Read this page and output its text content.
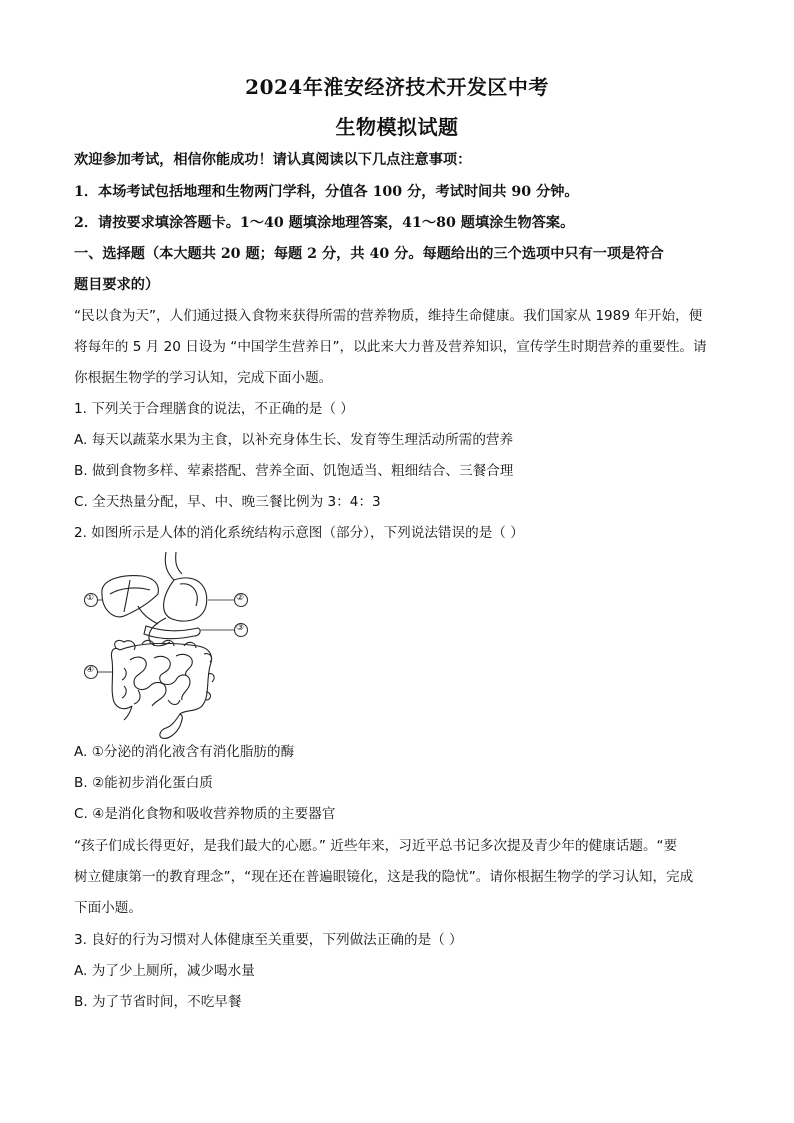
2024年淮安经济技术开发区中考
生物模拟试题
欢迎参加考试，相信你能成功！请认真阅读以下几点注意事项：
1．本场考试包括地理和生物两门学科，分值各 100 分，考试时间共 90 分钟。
2．请按要求填涂答题卡。1～40 题填涂地理答案，41～80 题填涂生物答案。
一、选择题（本大题共 20 题；每题 2 分，共 40 分。每题给出的三个选项中只有一项是符合
题目要求的）
“民以食为天”，人们通过摄入食物来获得所需的营养物质，维持生命健康。我们国家从 1989 年开始，便
将每年的 5 月 20 日设为 “中国学生营养日”，以此来大力普及营养知识，宣传学生时期营养的重要性。请
你根据生物学的学习认知，完成下面小题。
1. 下列关于合理膳食的说法，不正确的是（ ）
A. 每天以蔬菜水果为主食，以补充身体生长、发育等生理活动所需的营养
B. 做到食物多样、荤素搭配、营养全面、饥饱适当、粗细结合、三餐合理
C. 全天热量分配，早、中、晚三餐比例为 3：4：3
2. 如图所示是人体的消化系统结构示意图（部分），下列说法错误的是（ ）
①	②
③
④
A. ①分泌的消化液含有消化脂肪的酶
B. ②能初步消化蛋白质
C. ④是消化食物和吸收营养物质的主要器官
“孩子们成长得更好，是我们最大的心愿。” 近些年来，习近平总书记多次提及青少年的健康话题。“要
树立健康第一的教育理念”，“现在还在普遍眼镜化，这是我的隐忧”。请你根据生物学的学习认知，完成
下面小题。
3. 良好的行为习惯对人体健康至关重要，下列做法正确的是（ ）
A. 为了少上厕所，减少喝水量
B. 为了节省时间，不吃早餐
